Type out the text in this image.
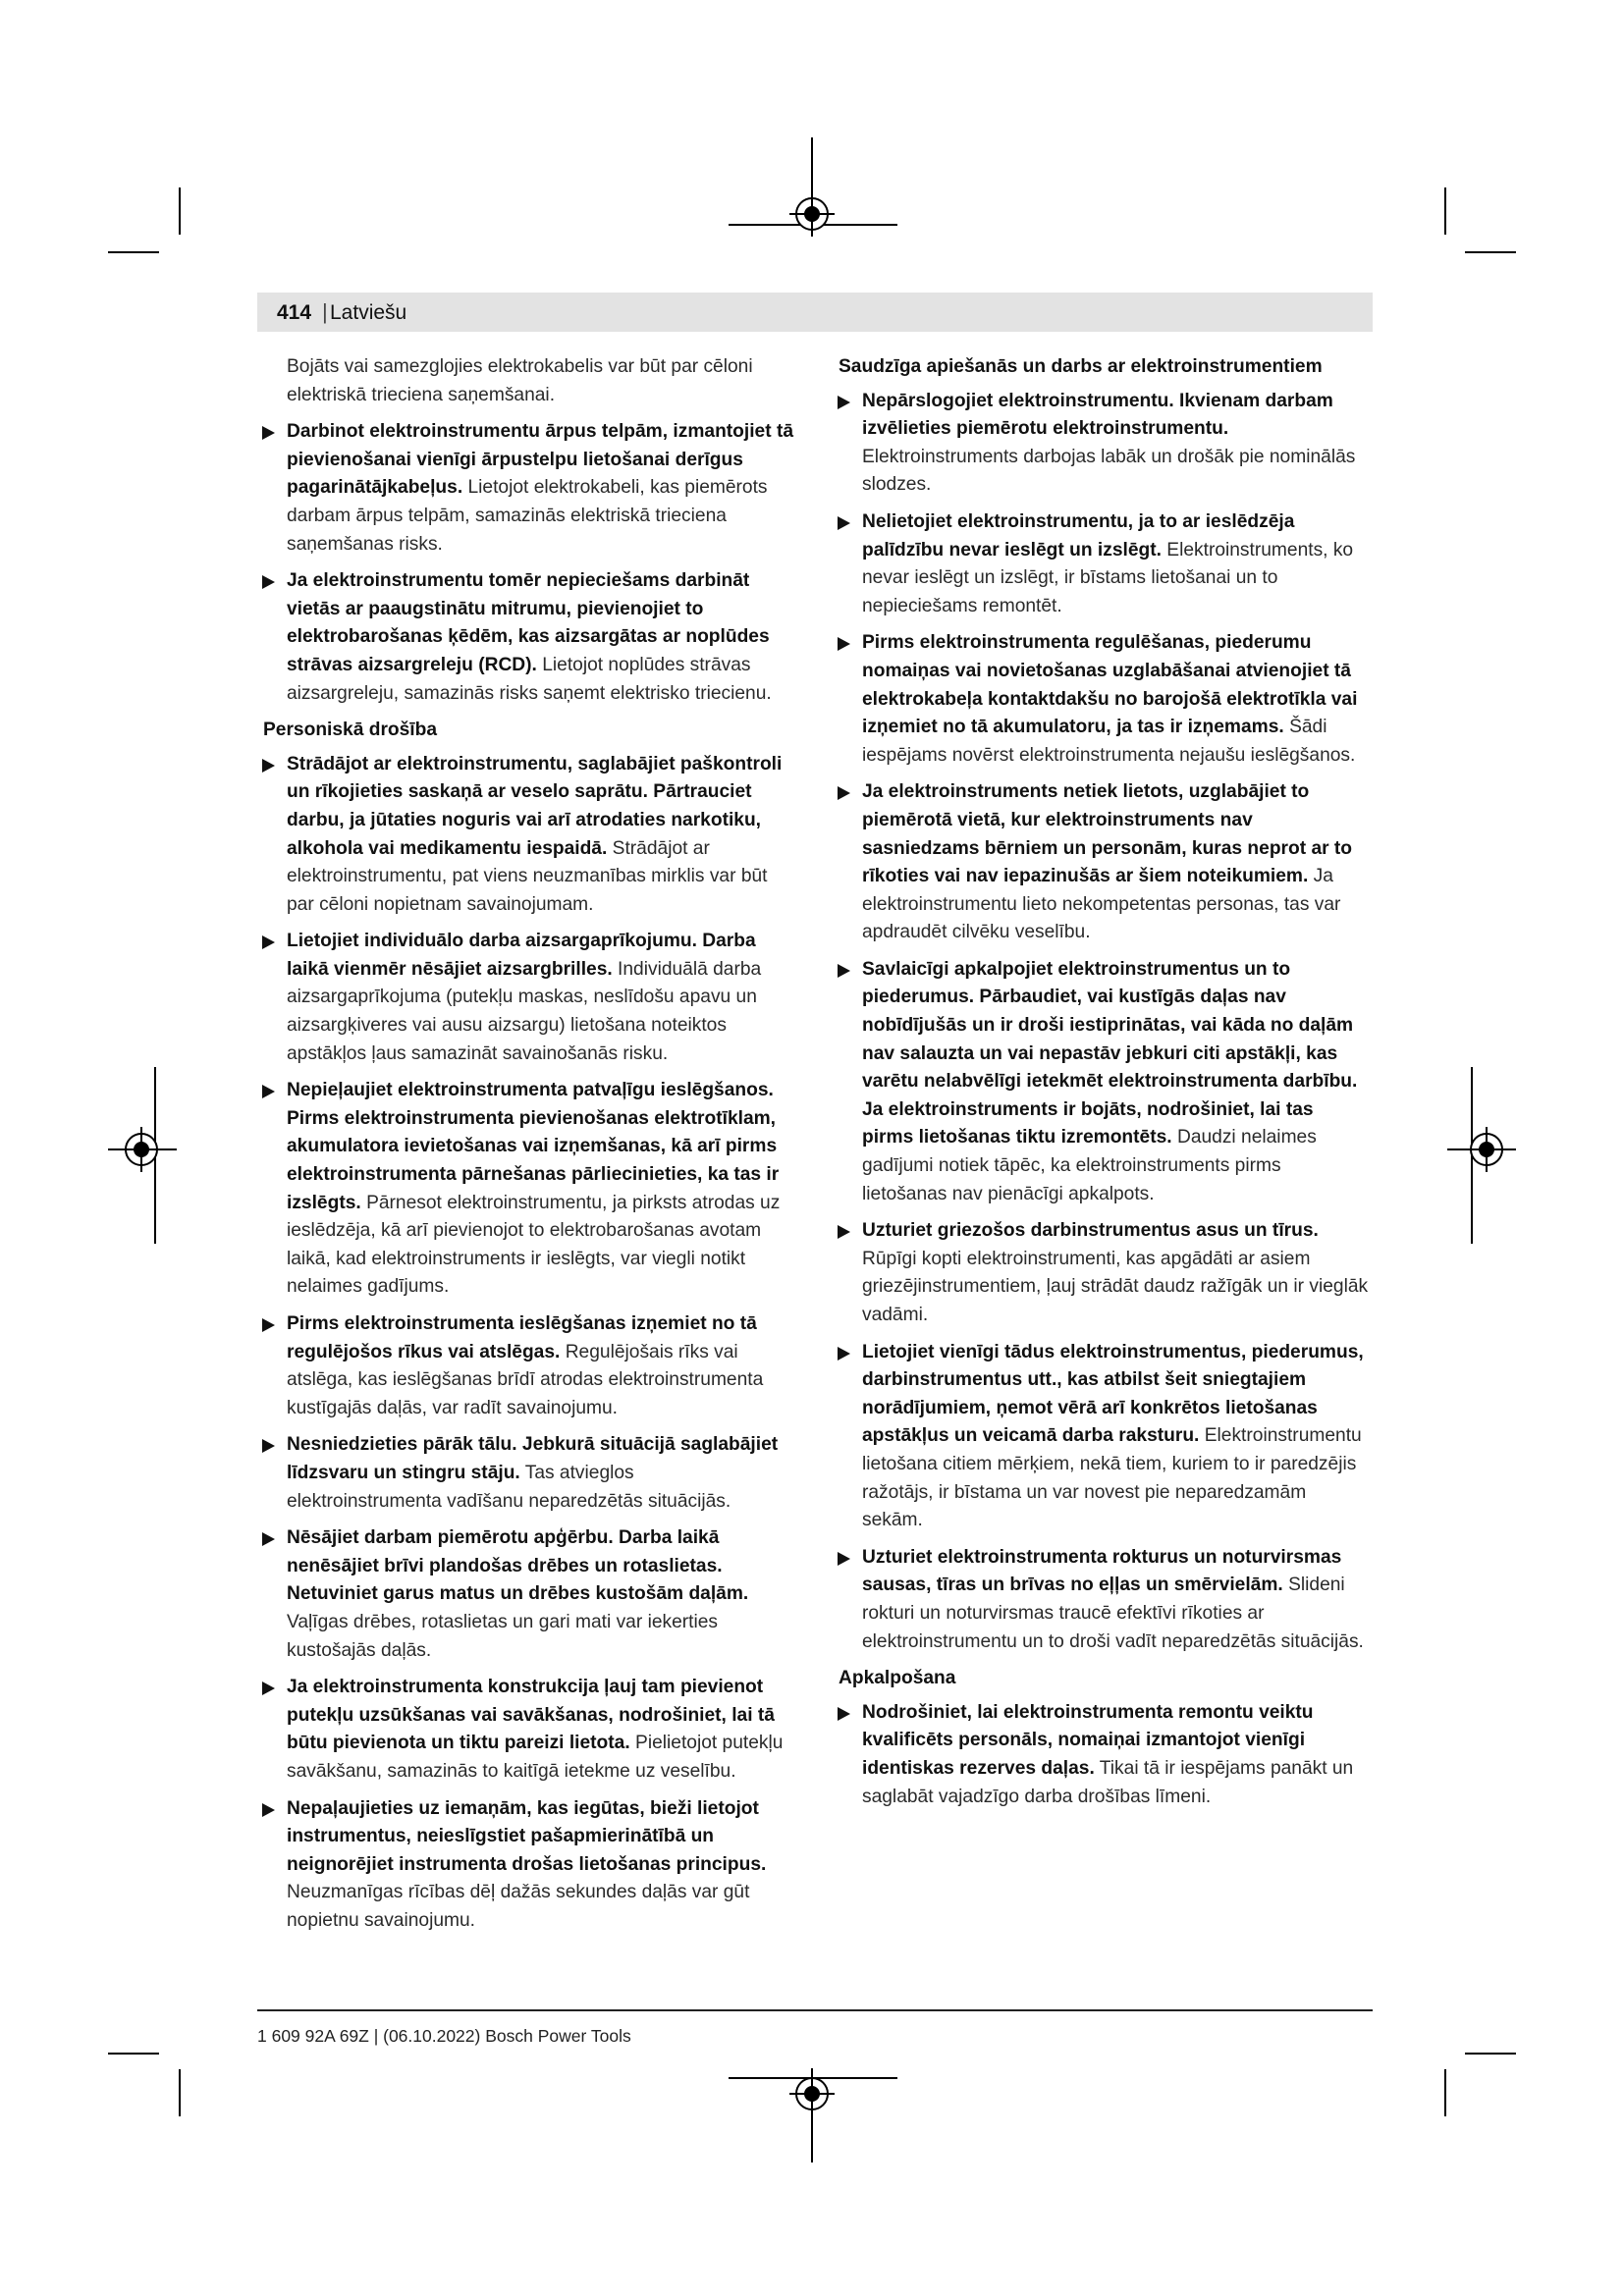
414 | Latviešu
Bojāts vai samezglojies elektrokabelis var būt par cēloni elektriskā trieciena saņemšanai.
Darbinot elektroinstrumentu ārpus telpām, izmantojiet tā pievienošanai vienīgi ārpustelpu lietošanai derīgus pagarinātājkabeļus. Lietojot elektrokabeli, kas piemērots darbam ārpus telpām, samazinās elektriskā trieciena saņemšanas risks.
Ja elektroinstrumentu tomēr nepieciešams darbināt vietās ar paaugstinātu mitrumu, pievienojiet to elektrobarošanas ķēdēm, kas aizsargātas ar noplūdes strāvas aizsargreleju (RCD). Lietojot noplūdes strāvas aizsargreleju, samazinās risks saņemt elektrisko triecienu.
Personiskā drošība
Strādājot ar elektroinstrumentu, saglabājiet paškontroli un rīkojieties saskaņā ar veselo saprātu. Pārtrauciet darbu, ja jūtaties noguris vai arī atrodaties narkotiku, alkohola vai medikamentu iespaidā. Strādājot ar elektroinstrumentu, pat viens neuzmanības mirklis var būt par cēloni nopietnam savainojumam.
Lietojiet individuālo darba aizsargaprīkojumu. Darba laikā vienmēr nēsājiet aizsargbrilles. Individuālā darba aizsargaprīkojuma (putekļu maskas, neslīdošu apavu un aizsargķiveres vai ausu aizsargu) lietošana noteiktos apstākļos ļaus samazināt savainošanās risku.
Nepieļaujiet elektroinstrumenta patvaļīgu ieslēgšanos. Pirms elektroinstrumenta pievienošanas elektrotīklam, akumulatora ievietošanas vai izņemšanas, kā arī pirms elektroinstrumenta pārnešanas pārliecinieties, ka tas ir izslēgts. Pārnesot elektroinstrumentu, ja pirksts atrodas uz ieslēdzēja, kā arī pievienojot to elektrobarošanas avotam laikā, kad elektroinstruments ir ieslēgts, var viegli notikt nelaimes gadījums.
Pirms elektroinstrumenta ieslēgšanas izņemiet no tā regulējošos rīkus vai atslēgas. Regulējošais rīks vai atslēga, kas ieslēgšanas brīdī atrodas elektroinstrumenta kustīgajās daļās, var radīt savainojumu.
Nesniedzieties pārāk tālu. Jebkurā situācijā saglabājiet līdzsvaru un stingru stāju. Tas atvieglos elektroinstrumenta vadīšanu neparedzētās situācijās.
Nēsājiet darbam piemērotu apģērbu. Darba laikā nenēsājiet brīvi plandošas drēbes un rotaslietas. Netuviniet garus matus un drēbes kustošām daļām. Vaļīgas drēbes, rotaslietas un gari mati var iekerties kustošajās daļās.
Ja elektroinstrumenta konstrukcija ļauj tam pievienot putekļu uzsūkšanas vai savākšanas, nodrošiniet, lai tā būtu pievienota un tiktu pareizi lietota. Pielietojot putekļu savākšanu, samazinās to kaitīgā ietekme uz veselību.
Nepaļaujieties uz iemaņām, kas iegūtas, bieži lietojot instrumentus, neieslīgstiet pašapmierinātībā un neignorējiet instrumenta drošas lietošanas principus. Neuzmanīgas rīcības dēļ dažās sekundes daļās var gūt nopietnu savainojumu.
Saudzīga apiešanās un darbs ar elektroinstrumentiem
Nepārslogojiet elektroinstrumentu. Ikvienam darbam izvēlieties piemērotu elektroinstrumentu. Elektroinstruments darbojas labāk un drošāk pie nominālās slodzes.
Nelietojiet elektroinstrumentu, ja to ar ieslēdzēja palīdzību nevar ieslēgt un izslēgt. Elektroinstruments, ko nevar ieslēgt un izslēgt, ir bīstams lietošanai un to nepieciešams remontēt.
Pirms elektroinstrumenta regulēšanas, piederumu nomaiņas vai novietošanas uzglabāšanai atvienojiet tā elektrokabeļa kontaktdakšu no barojošā elektrotīkla vai izņemiet no tā akumulatoru, ja tas ir izņemams. Šādi iespējams novērst elektroinstrumenta nejaušu ieslēgšanos.
Ja elektroinstruments netiek lietots, uzglabājiet to piemērotā vietā, kur elektroinstruments nav sasniedzams bērniem un personām, kuras neprot ar to rīkoties vai nav iepazinušās ar šiem noteikumiem. Ja elektroinstrumentu lieto nekompetentas personas, tas var apdraudēt cilvēku veselību.
Savlaicīgi apkalpojiet elektroinstrumentus un to piederumus. Pārbaudiet, vai kustīgās daļas nav nobīdījušās un ir droši iestiprinātas, vai kāda no daļām nav salauzta un vai nepastāv jebkuri citi apstākļi, kas varētu nelabvēlīgi ietekmēt elektroinstrumenta darbību. Ja elektroinstruments ir bojāts, nodrošiniet, lai tas pirms lietošanas tiktu izremontēts. Daudzi nelaimes gadījumi notiek tāpēc, ka elektroinstruments pirms lietošanas nav pienācīgi apkalpots.
Uzturiet griezošos darbinstrumentus asus un tīrus. Rūpīgi kopti elektroinstrumenti, kas apgādāti ar asiem griezējinstrumentiem, ļauj strādāt daudz ražīgāk un ir vieglāk vadāmi.
Lietojiet vienīgi tādus elektroinstrumentus, piederumus, darbinstrumentus utt., kas atbilst šeit sniegtajiem norādījumiem, ņemot vērā arī konkrētos lietošanas apstākļus un veicamā darba raksturu. Elektroinstrumentu lietošana citiem mērķiem, nekā tiem, kuriem to ir paredzējis ražotājs, ir bīstama un var novest pie neparedzamām sekām.
Uzturiet elektroinstrumenta rokturus un noturvirsmas sausas, tīras un brīvas no eļļas un smērvielām. Slideni rokturi un noturvirsmas traucē efektīvi rīkoties ar elektroinstrumentu un to droši vadīt neparedzētās situācijās.
Apkalpošana
Nodrošiniet, lai elektroinstrumenta remontu veiktu kvalificēts personāls, nomaiņai izmantojot vienīgi identiskas rezerves daļas. Tikai tā ir iespējams panākt un saglabāt vajadzīgo darba drošības līmeni.
1 609 92A 69Z | (06.10.2022) Bosch Power Tools
